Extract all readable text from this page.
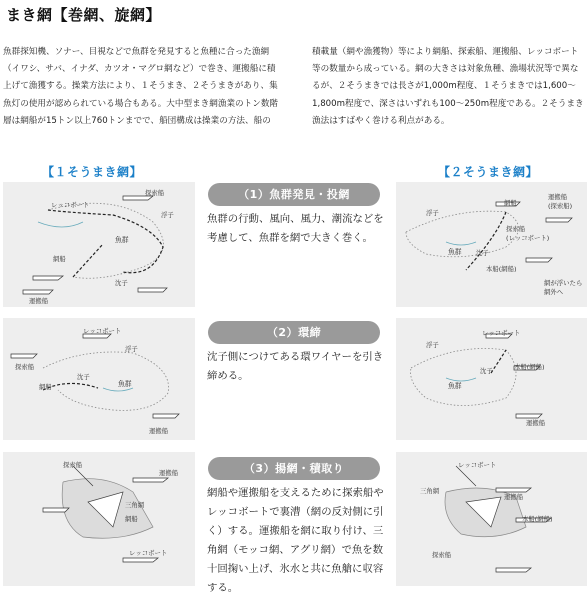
まき網【巻網、旋網】

魚群探知機、ソナー、目視などで魚群を発見すると魚種に合った漁網（イワシ、サバ、イナダ、カツオ・マグロ網など）で巻き、運搬船に積上げて漁獲する。操業方法により、１そうまき、２そうまきがあり、集魚灯の使用が認められている場合もある。大中型まき網漁業のトン数階層は網船が15トン以上760トンまでで、船団構成は操業の方法、船の

積載量（網や漁獲物）等により網船、探索船、運搬船、レッコボート等の数量から成っている。網の大きさは対象魚種、漁場状況等で異なるが、２そうまきでは長さが1,000m程度、１そうまきでは1,600～1,800m程度で、深さはいずれも100～250m程度である。２そうまき漁法はすばやく巻ける利点がある。

【１そうまき網】	【２そうまき網】
（1）魚群発見・投網
魚群の行動、風向、風力、潮流などを考慮して、魚群を網で大きく巻く。
（2）環締
沈子側につけてある環ワイヤーを引き締める。
（3）揚網・積取り
網船や運搬船を支えるために探索船やレッコボートで裏漕（網の反対側に引く）する。運搬船を網に取り付け、三角網（モッコ網、アグリ網）で魚を数十回掬い上げ、氷水と共に魚艙に収容する。
レッコボート
探索船
浮子
魚群
網船
沈子
運搬船
網船
浮子
運搬船
(探索船)
探索船
(レッコボート)
魚群 沈子
本船(網船)
網が浮いたら
網外へ
レッコボート
浮子
探索船
網船
沈子
魚群
運搬船
レッコボート
浮子
沈子
魚群
本船(網船)
運搬船
探索船
運搬船
三角網
網船
レッコボート
レッコボート
三角網
運搬船
本船(網船)
探索船
